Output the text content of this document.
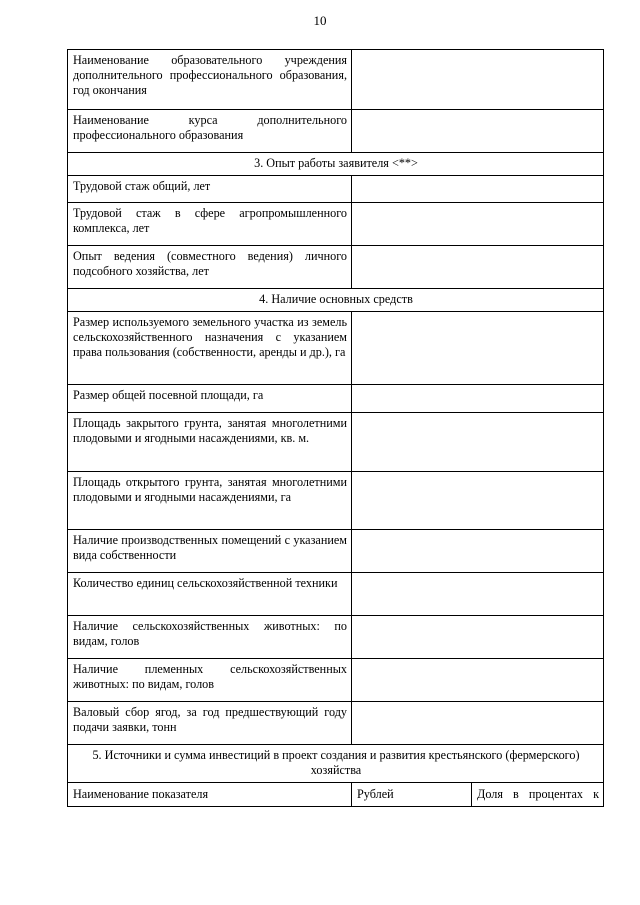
10
Наименование образовательного учреждения дополнительного профессионального образования, год окончания		
Наименование курса дополнительного профессионального образования		
3. Опыт работы заявителя <**>		
Трудовой стаж общий, лет		
Трудовой стаж в сфере агропромышленного комплекса, лет		
Опыт ведения (совместного ведения) личного подсобного хозяйства, лет		
4. Наличие основных средств		
Размер используемого земельного участка из земель сельскохозяйственного назначения с указанием права пользования (собственности, аренды и др.), га		
Размер общей посевной площади, га		
Площадь закрытого грунта, занятая многолетними плодовыми и ягодными насаждениями, кв. м.		
Площадь открытого грунта, занятая многолетними плодовыми и ягодными насаждениями, га		
Наличие производственных помещений с указанием вида собственности		
Количество единиц сельскохозяйственной техники		
Наличие сельскохозяйственных животных: по видам, голов		
Наличие племенных сельскохозяйственных животных: по видам, голов		
Валовый сбор ягод, за год предшествующий году подачи заявки, тонн		
5. Источники и сумма инвестиций в проект создания и развития крестьянского (фермерского) хозяйства		
Наименование показателя	Рублей	Доля в процентах к
